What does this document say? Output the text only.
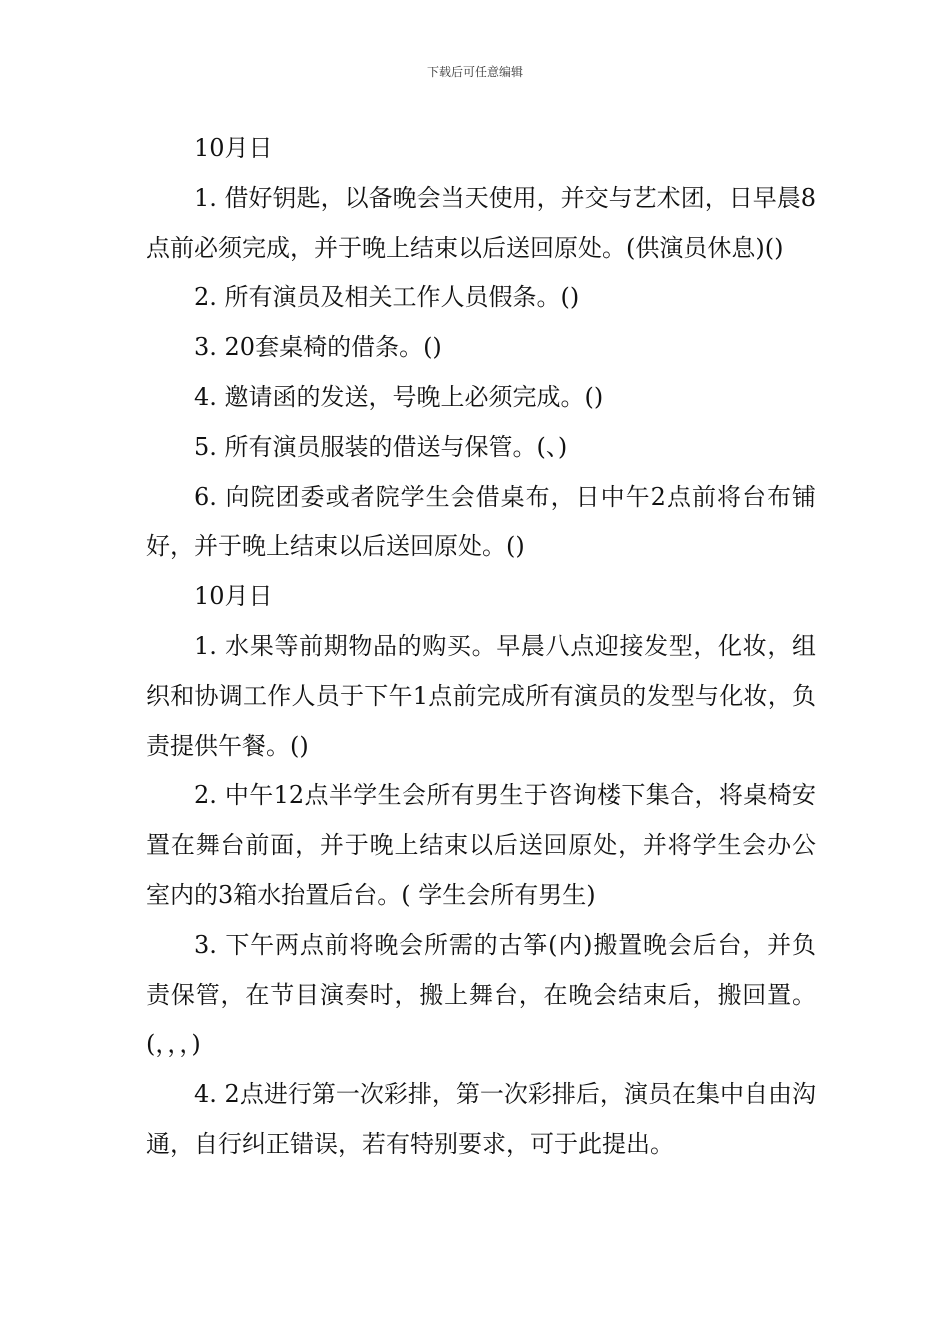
下载后可任意编辑

10月日

1. 借好钥匙，以备晚会当天使用，并交与艺术团，日早晨8点前必须完成，并于晚上结束以后送回原处。(供演员休息)()

2. 所有演员及相关工作人员假条。()

3. 20套桌椅的借条。()

4. 邀请函的发送，号晚上必须完成。()

5. 所有演员服装的借送与保管。(、)

6. 向院团委或者院学生会借桌布，日中午2点前将台布铺好，并于晚上结束以后送回原处。()

10月日

1. 水果等前期物品的购买。早晨八点迎接发型，化妆，组织和协调工作人员于下午1点前完成所有演员的发型与化妆，负责提供午餐。()

2. 中午12点半学生会所有男生于咨询楼下集合，将桌椅安置在舞台前面，并于晚上结束以后送回原处，并将学生会办公室内的3箱水抬置后台。( 学生会所有男生)

3. 下午两点前将晚会所需的古筝(内)搬置晚会后台，并负责保管，在节目演奏时，搬上舞台，在晚会结束后，搬回置。(，，，)

4. 2点进行第一次彩排，第一次彩排后，演员在集中自由沟通，自行纠正错误，若有特别要求，可于此提出。
